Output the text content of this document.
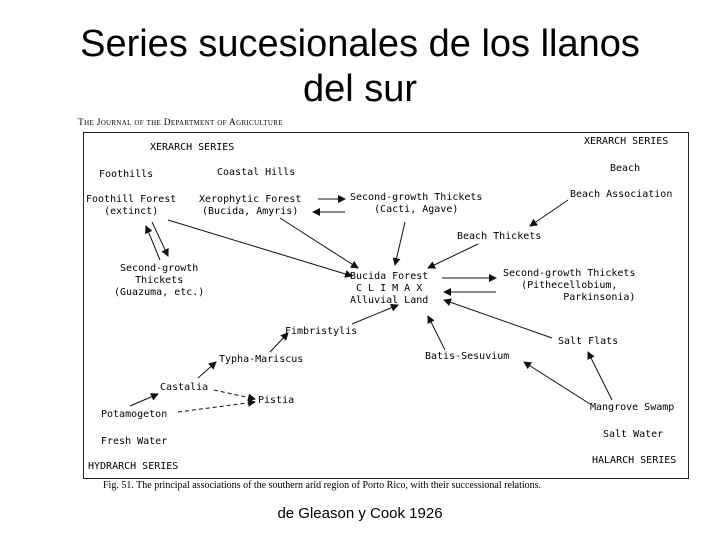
Series sucesionales de los llanos
del sur
The Journal of the Department of Agriculture
XERARCH SERIES
XERARCH SERIES
HYDRARCH SERIES
HALARCH SERIES
Foothills	Coastal Hills
Foothill Forest
(extinct)
Xerophytic Forest
(Bucida, Amyris)
Second-growth Thickets
(Cacti, Agave)
Beach
Beach Association
Beach Thickets
Second-growth
Thickets
(Guazuma, etc.)
Bucida Forest
C L I M A X
Alluvial Land
Second-growth Thickets
(Pithecellobium,
Parkinsonia)
Fimbristylis
Salt Flats
Typha-Mariscus	Batis-Sesuvium
Castalia
Pistia
Potamogeton
Fresh Water
Mangrove Swamp
Salt Water
Fig. 51. The principal associations of the southern arid region of Porto Rico, with their successional relations.
de Gleason y Cook 1926
